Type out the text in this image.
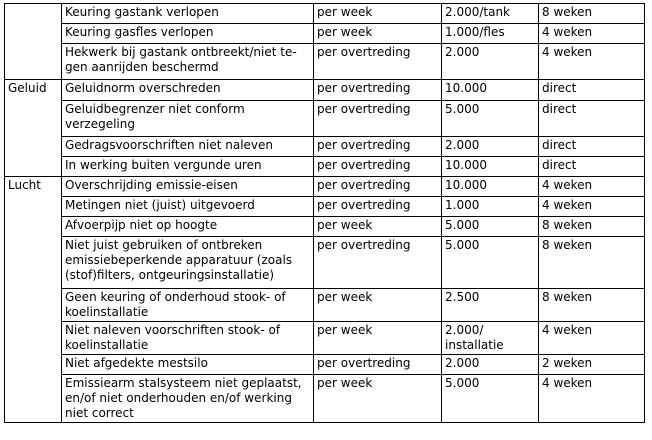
	Keuring gastank verlopen	per week	2.000/tank	8 weken
	Keuring gasfles verlopen	per week	1.000/fles	4 weken
	Hekwerk bij gastank ontbreekt/niet te-gen aanrijden beschermd	per overtreding	2.000	4 weken
Geluid	Geluidnorm overschreden	per overtreding	10.000	direct
	Geluidbegrenzer niet conform verzegeling	per overtreding	5.000	direct
	Gedragsvoorschriften niet naleven	per overtreding	2.000	direct
	In werking buiten vergunde uren	per overtreding	10.000	direct
Lucht	Overschrijding emissie-eisen	per overtreding	10.000	4 weken
	Metingen niet (juist) uitgevoerd	per overtreding	1.000	4 weken
	Afvoerpijp niet op hoogte	per week	5.000	8 weken
	Niet juist gebruiken of ontbreken emissiebeperkende apparatuur (zoals (stof)filters, ontgeuringsinstallatie)	per overtreding	5.000	8 weken
	Geen keuring of onderhoud stook- of koelinstallatie	per week	2.500	8 weken
	Niet naleven voorschriften stook- of koelinstallatie	per week	2.000/ installatie	4 weken
	Niet afgedekte mestsilo	per overtreding	2.000	2 weken
	Emissiearm stalsysteem niet geplaatst, en/of niet onderhouden en/of werking niet correct	per week	5.000	4 weken
